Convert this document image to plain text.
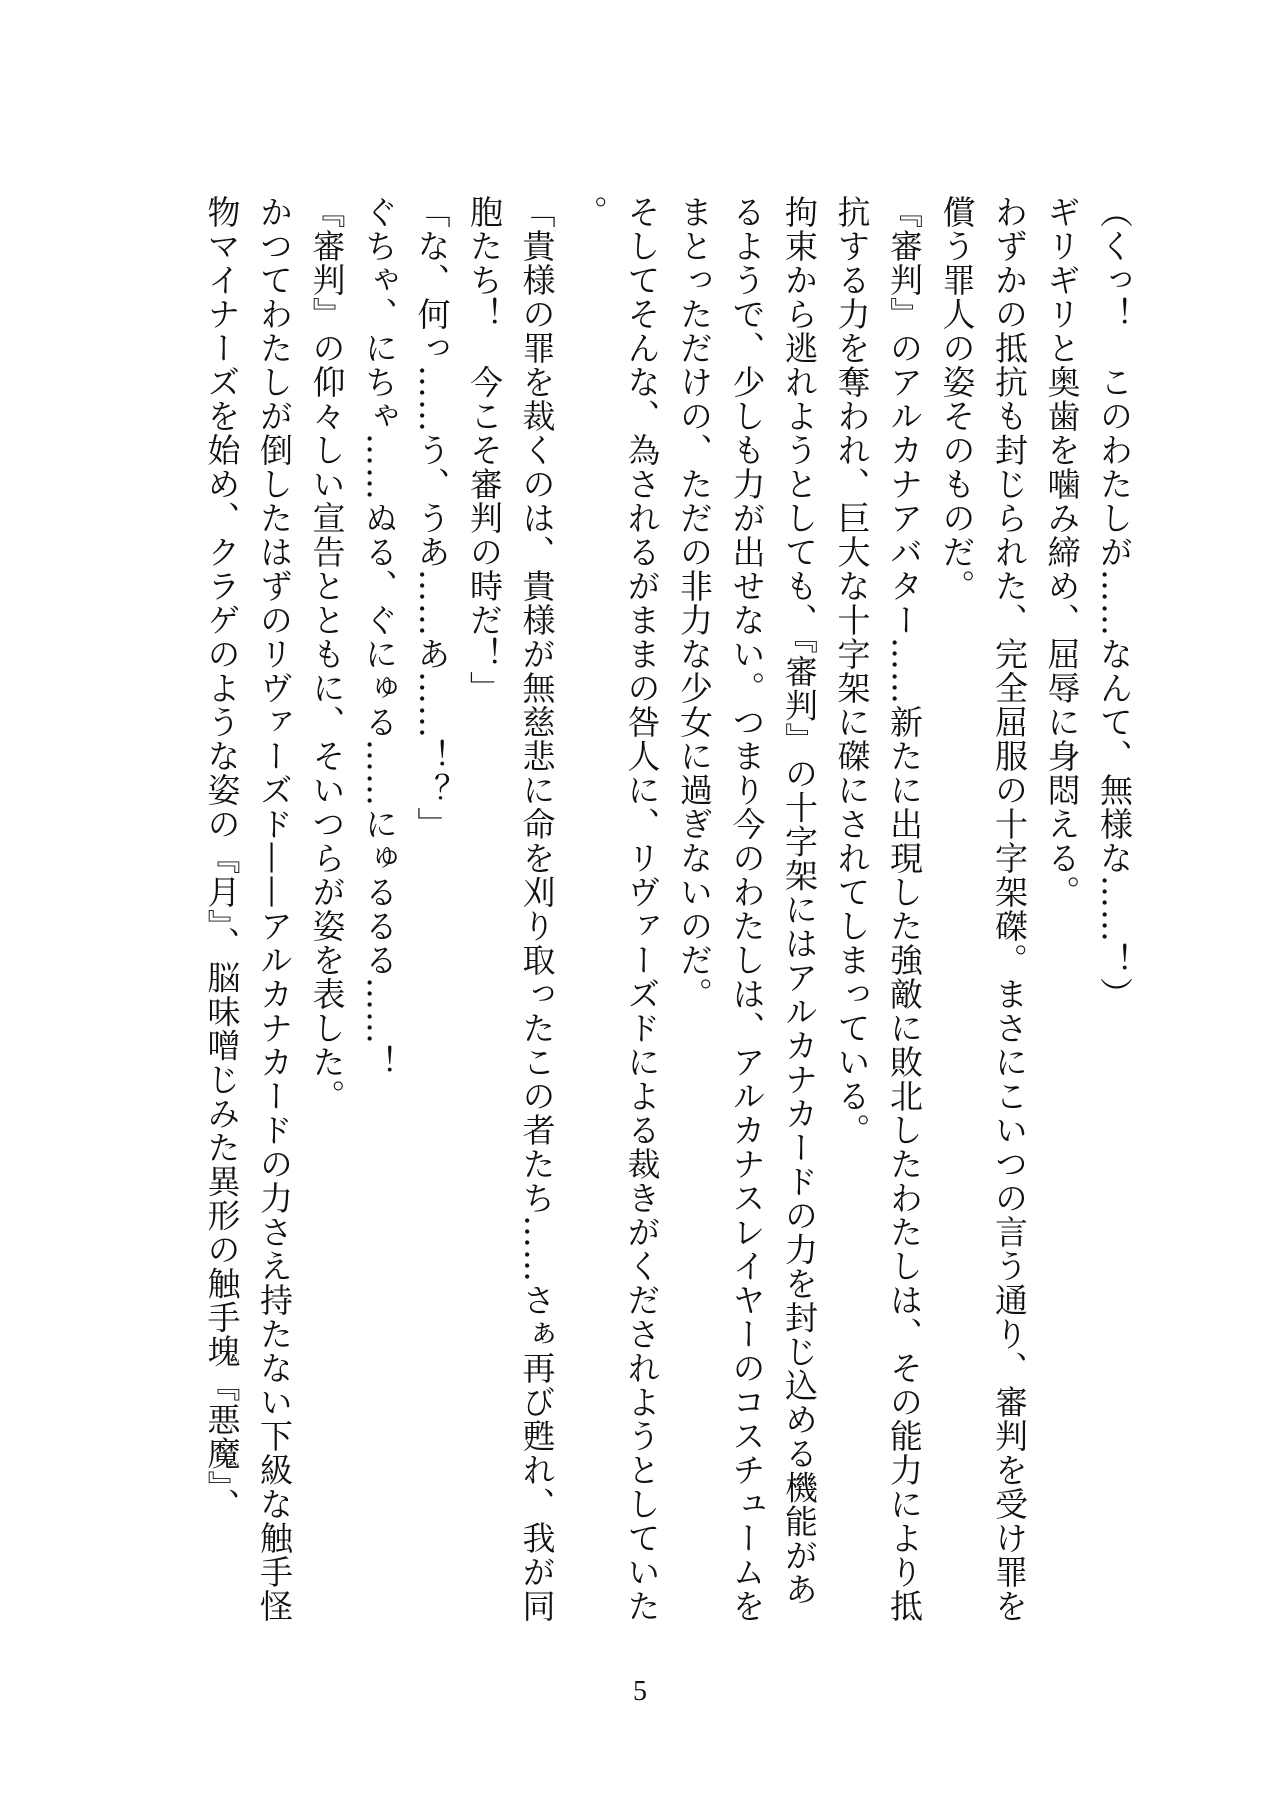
（くっ！　このわたしが……なんて、無様な……！）

ギリギリと奥歯を噛み締め、屈辱に身悶える。

わずかの抵抗も封じられた、完全屈服の十字架磔。まさにこいつの言う通り、審判を受け罪を償う罪人の姿そのものだ。

『審判』のアルカナアバター……新たに出現した強敵に敗北したわたしは、その能力により抵抗する力を奪われ、巨大な十字架に磔にされてしまっている。

拘束から逃れようとしても、『審判』の十字架にはアルカナカードの力を封じ込める機能があるようで、少しも力が出せない。つまり今のわたしは、アルカナスレイヤーのコスチュームをまとっただけの、ただの非力な少女に過ぎないのだ。

そしてそんな、為されるがままの咎人に、リヴァーズドによる裁きがくだされようとしていた。

「貴様の罪を裁くのは、貴様が無慈悲に命を刈り取ったこの者たち……さぁ再び甦れ、我が同胞たち！　今こそ審判の時だ！」

「な、何っ……う、うあ……あ……！？」

ぐちゃ、にちゃ……ぬる、ぐにゅる……にゅるるる……！

『審判』の仰々しい宣告とともに、そいつらが姿を表した。

かつてわたしが倒したはずのリヴァーズド——アルカナカードの力さえ持たない下級な触手怪物マイナーズを始め、クラゲのような姿の『月』、脳味噌じみた異形の触手塊『悪魔』、

5
